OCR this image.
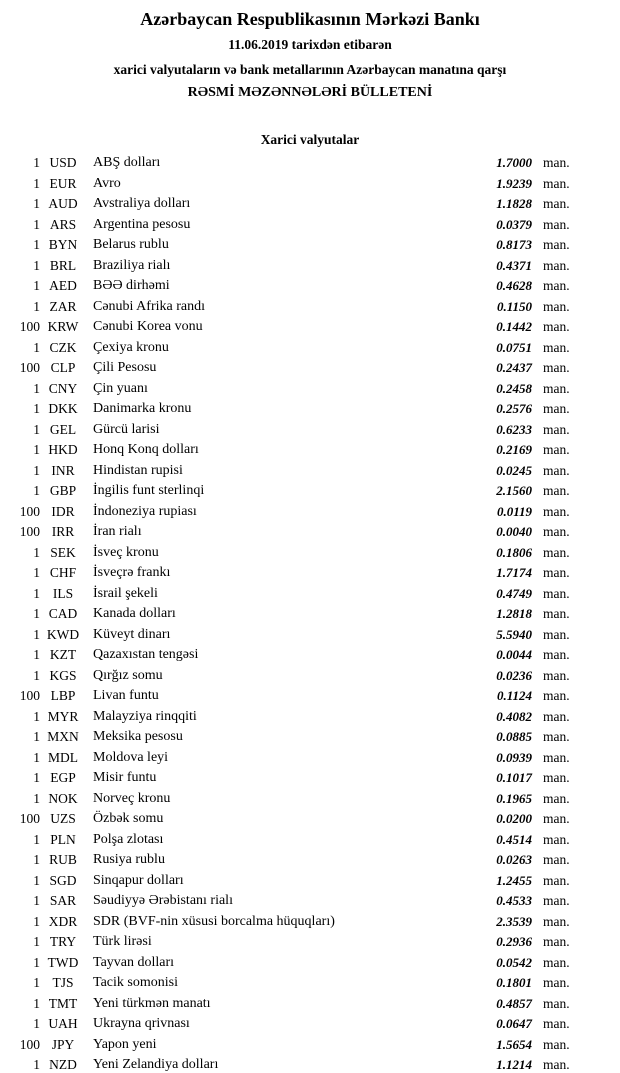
Azərbaycan Respublikasının Mərkəzi Bankı
11.06.2019 tarixdən etibarən
xarici valyutaların və bank metallarının Azərbaycan manatına qarşı
RƏSMİ MƏZƏNNƏLƏRİ BÜLLETENİ
Xarici valyutalar
1 USD	ABŞ dolları	1.7000 man.
1 EUR	Avro	1.9239 man.
1 AUD	Avstraliya dolları	1.1828 man.
1 ARS	Argentina pesosu	0.0379 man.
1 BYN	Belarus rublu	0.8173 man.
1 BRL	Braziliya rialı	0.4371 man.
1 AED	BƏƏ dirhəmi	0.4628 man.
1 ZAR	Cənubi Afrika randı	0.1150 man.
100 KRW	Cənubi Korea vonu	0.1442 man.
1 CZK	Çexiya kronu	0.0751 man.
100 CLP	Çili Pesosu	0.2437 man.
1 CNY	Çin yuanı	0.2458 man.
1 DKK	Danimarka kronu	0.2576 man.
1 GEL	Gürcü larisi	0.6233 man.
1 HKD	Honq Konq dolları	0.2169 man.
1 INR	Hindistan rupisi	0.0245 man.
1 GBP	İngilis funt sterlinqi	2.1560 man.
100 IDR	İndoneziya rupiası	0.0119 man.
100 IRR	İran rialı	0.0040 man.
1 SEK	İsveç kronu	0.1806 man.
1 CHF	İsveçrə frankı	1.7174 man.
1 ILS	İsrail şekeli	0.4749 man.
1 CAD	Kanada dolları	1.2818 man.
1 KWD Küveyt dinarı	5.5940 man.
1 KZT	Qazaxıstan tengəsi	0.0044 man.
1 KGS	Qırğız somu	0.0236 man.
100 LBP	Livan funtu	0.1124 man.
1 MYR	Malayziya rinqqiti	0.4082 man.
1 MXN	Meksika pesosu	0.0885 man.
1 MDL	Moldova leyi	0.0939 man.
1 EGP	Misir funtu	0.1017 man.
1 NOK	Norveç kronu	0.1965 man.
100 UZS	Özbək somu	0.0200 man.
1 PLN	Polşa zlotası	0.4514 man.
1 RUB	Rusiya rublu	0.0263 man.
1 SGD	Sinqapur dolları	1.2455 man.
1 SAR	Səudiyyə Ərəbistanı rialı	0.4533 man.
1 XDR	SDR (BVF-nin xüsusi borcalma hüquqları)	2.3539 man.
1 TRY	Türk lirəsi	0.2936 man.
1 TWD	Tayvan dolları	0.0542 man.
1 TJS	Tacik somonisi	0.1801 man.
1 TMT	Yeni türkmən manatı	0.4857 man.
1 UAH	Ukrayna qrivnası	0.0647 man.
100 JPY	Yapon yeni	1.5654 man.
1 NZD	Yeni Zelandiya dolları	1.1214 man.
